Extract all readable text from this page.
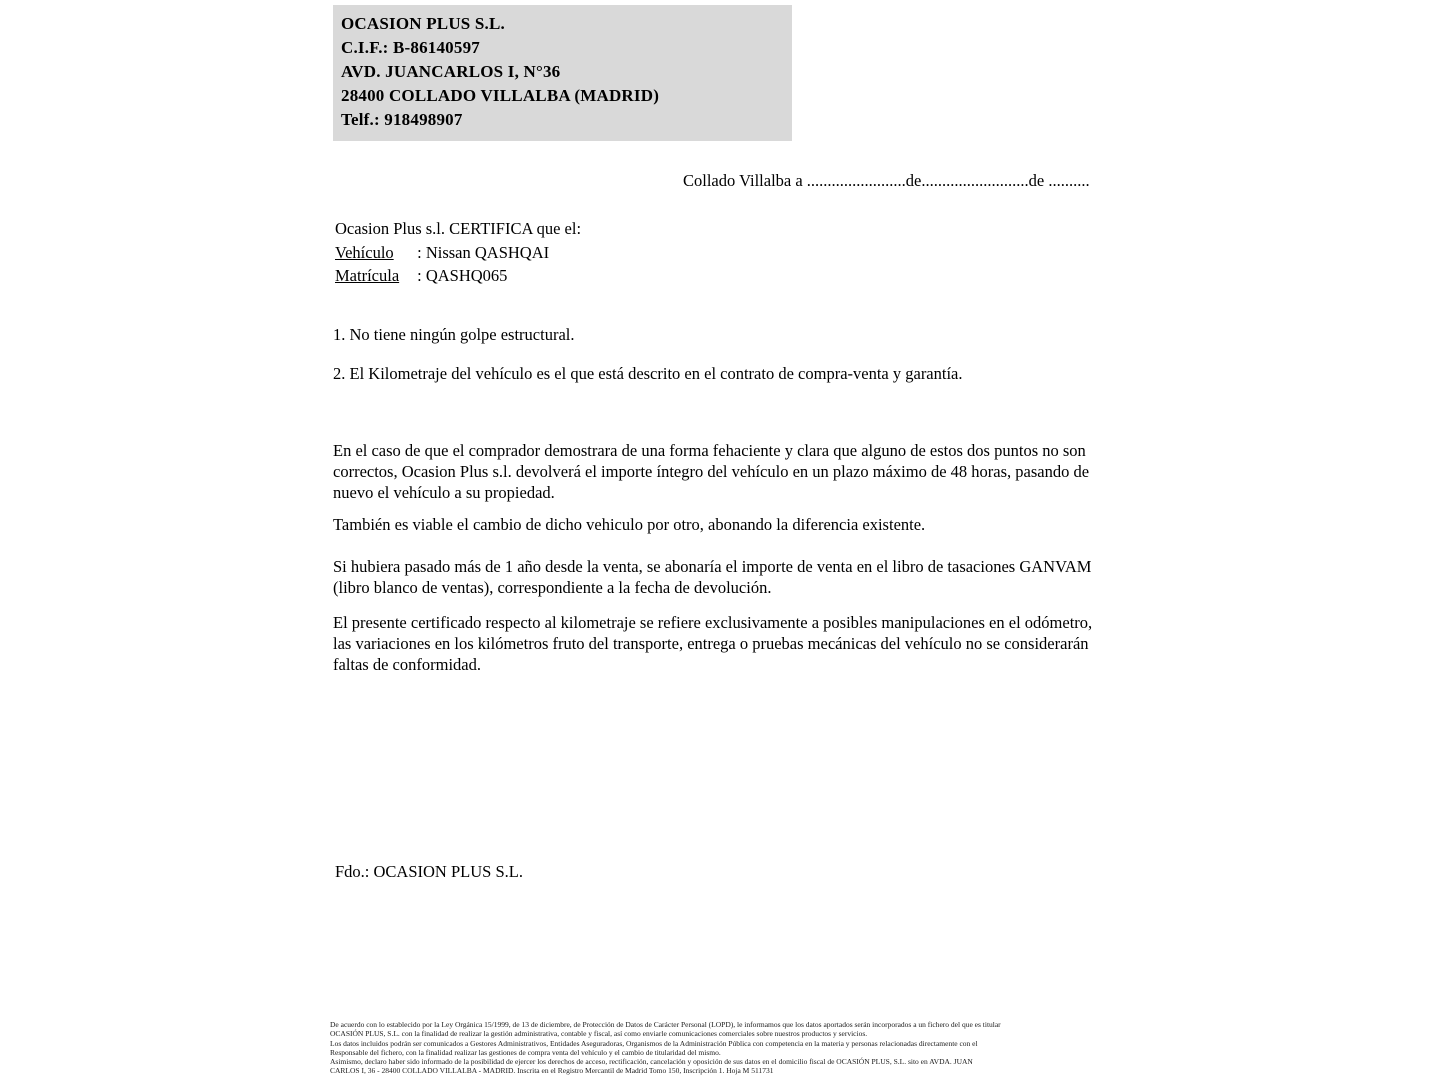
OCASION PLUS S.L.
C.I.F.: B-86140597
AVD. JUANCARLOS I, N°36
28400 COLLADO VILLALBA (MADRID)
Telf.: 918498907
Collado Villalba a ........................de..........................de ..........
Ocasion Plus s.l. CERTIFICA que el:
Vehículo : Nissan QASHQAI
Matrícula : QASHQ065
1. No tiene ningún golpe estructural.
2. El Kilometraje del vehículo es el que está descrito en el contrato de compra-venta y garantía.
En el caso de que el comprador demostrara de una forma fehaciente y clara que alguno de estos dos puntos no son correctos, Ocasion Plus s.l. devolverá el importe íntegro del vehículo en un plazo máximo de 48 horas, pasando de nuevo el vehículo a su propiedad.
También es viable el cambio de dicho vehiculo por otro, abonando la diferencia existente.
Si hubiera pasado más de 1 año desde la venta, se abonaría el importe de venta en el libro de tasaciones GANVAM (libro blanco de ventas), correspondiente a la fecha de devolución.
El presente certificado respecto al kilometraje se refiere exclusivamente a posibles manipulaciones en el odómetro, las variaciones en los kilómetros fruto del transporte, entrega o pruebas mecánicas del vehículo no se considerarán faltas de conformidad.
Fdo.: OCASION PLUS S.L.
De acuerdo con lo establecido por la Ley Orgánica 15/1999, de 13 de diciembre, de Protección de Datos de Carácter Personal (LOPD), le informamos que los datos aportados serán incorporados a un fichero del que es titular
OCASIÓN PLUS, S.L. con la finalidad de realizar la gestión administrativa, contable y fiscal, así como enviarle comunicaciones comerciales sobre nuestros productos y servicios.
Los datos incluidos podrán ser comunicados a Gestores Administrativos, Entidades Aseguradoras, Organismos de la Administración Pública con competencia en la materia y personas relacionadas directamente con el
Responsable del fichero, con la finalidad realizar las gestiones de compra venta del vehículo y el cambio de titularidad del mismo.
Asimismo, declaro haber sido informado de la posibilidad de ejercer los derechos de acceso, rectificación, cancelación y oposición de sus datos en el domicilio fiscal de OCASIÓN PLUS, S.L. sito en AVDA. JUAN
CARLOS I, 36 - 28400 COLLADO VILLALBA - MADRID. Inscrita en el Registro Mercantil de Madrid Tomo 150, Inscripción 1. Hoja M 511731
